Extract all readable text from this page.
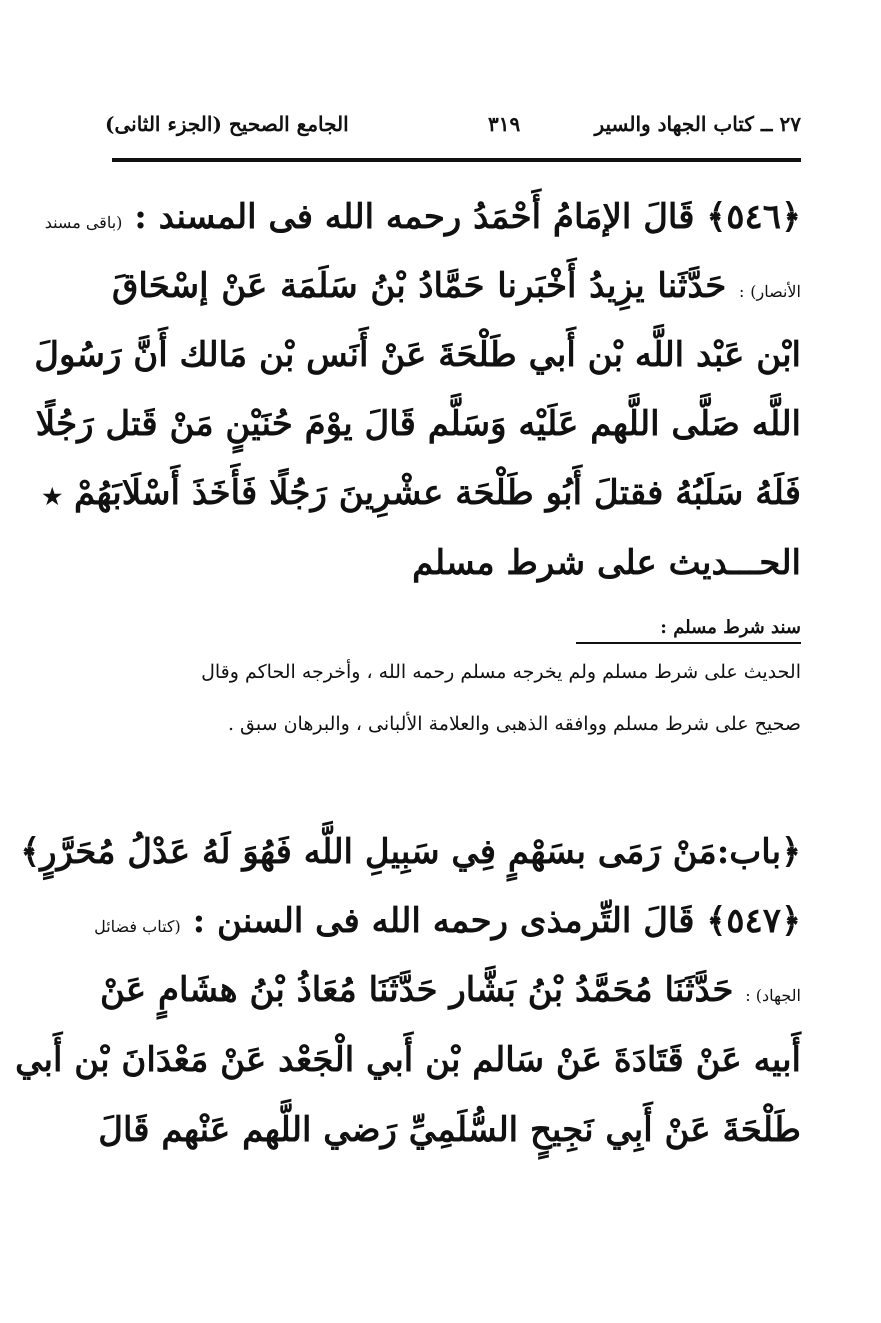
٢٧ ــ كتاب الجهاد والسير
٣١٩
الجامع الصحيح (الجزء الثانى)
﴿٥٤٦﴾ قَالَ الإمَامُ أَحْمَدُ رحمه الله فى المسند : (باقى مسند
الأنصار) : حَدَّثَنا يزِيدُ أَخْبَرنا حَمَّادُ بْنُ سَلَمَة عَنْ إسْحَاقَ
ابْن عَبْد اللَّه بْن أَبي طَلْحَةَ عَنْ أَنَس بْن مَالك أَنَّ رَسُولَ
اللَّه صَلَّى اللَّهم عَلَيْه وَسَلَّم قَالَ يوْمَ حُنَيْنٍ مَنْ قَتل رَجُلًا
فَلَهُ سَلَبُهُ فقتلَ أَبُو طَلْحَة عشْرِينَ رَجُلًا فَأَخَذَ أَسْلَابَهُمْ ★
الحـــديث على شرط مسلم
سند شرط مسلم :
الحديث على شرط مسلم ولم يخرجه مسلم رحمه الله ، وأخرجه الحاكم وقال
صحيح على شرط مسلم ووافقه الذهبى والعلامة الألبانى ، والبرهان سبق .
﴿باب:مَنْ رَمَى بسَهْمٍ فِي سَبِيلِ اللَّه فَهُوَ لَهُ عَدْلُ مُحَرَّرٍ﴾
﴿٥٤٧﴾ قَالَ التِّرمذى رحمه الله فى السنن : (كتاب فضائل
الجهاد) : حَدَّثَنَا مُحَمَّدُ بْنُ بَشَّار حَدَّثَنَا مُعَاذُ بْنُ هشَامٍ عَنْ
أَبيه عَنْ قَتَادَةَ عَنْ سَالم بْن أَبي الْجَعْد عَنْ مَعْدَانَ بْن أَبي
طَلْحَةَ عَنْ أَبِي نَجِيحٍ السُّلَمِيِّ رَضي اللَّهم عَنْهم قَالَ
